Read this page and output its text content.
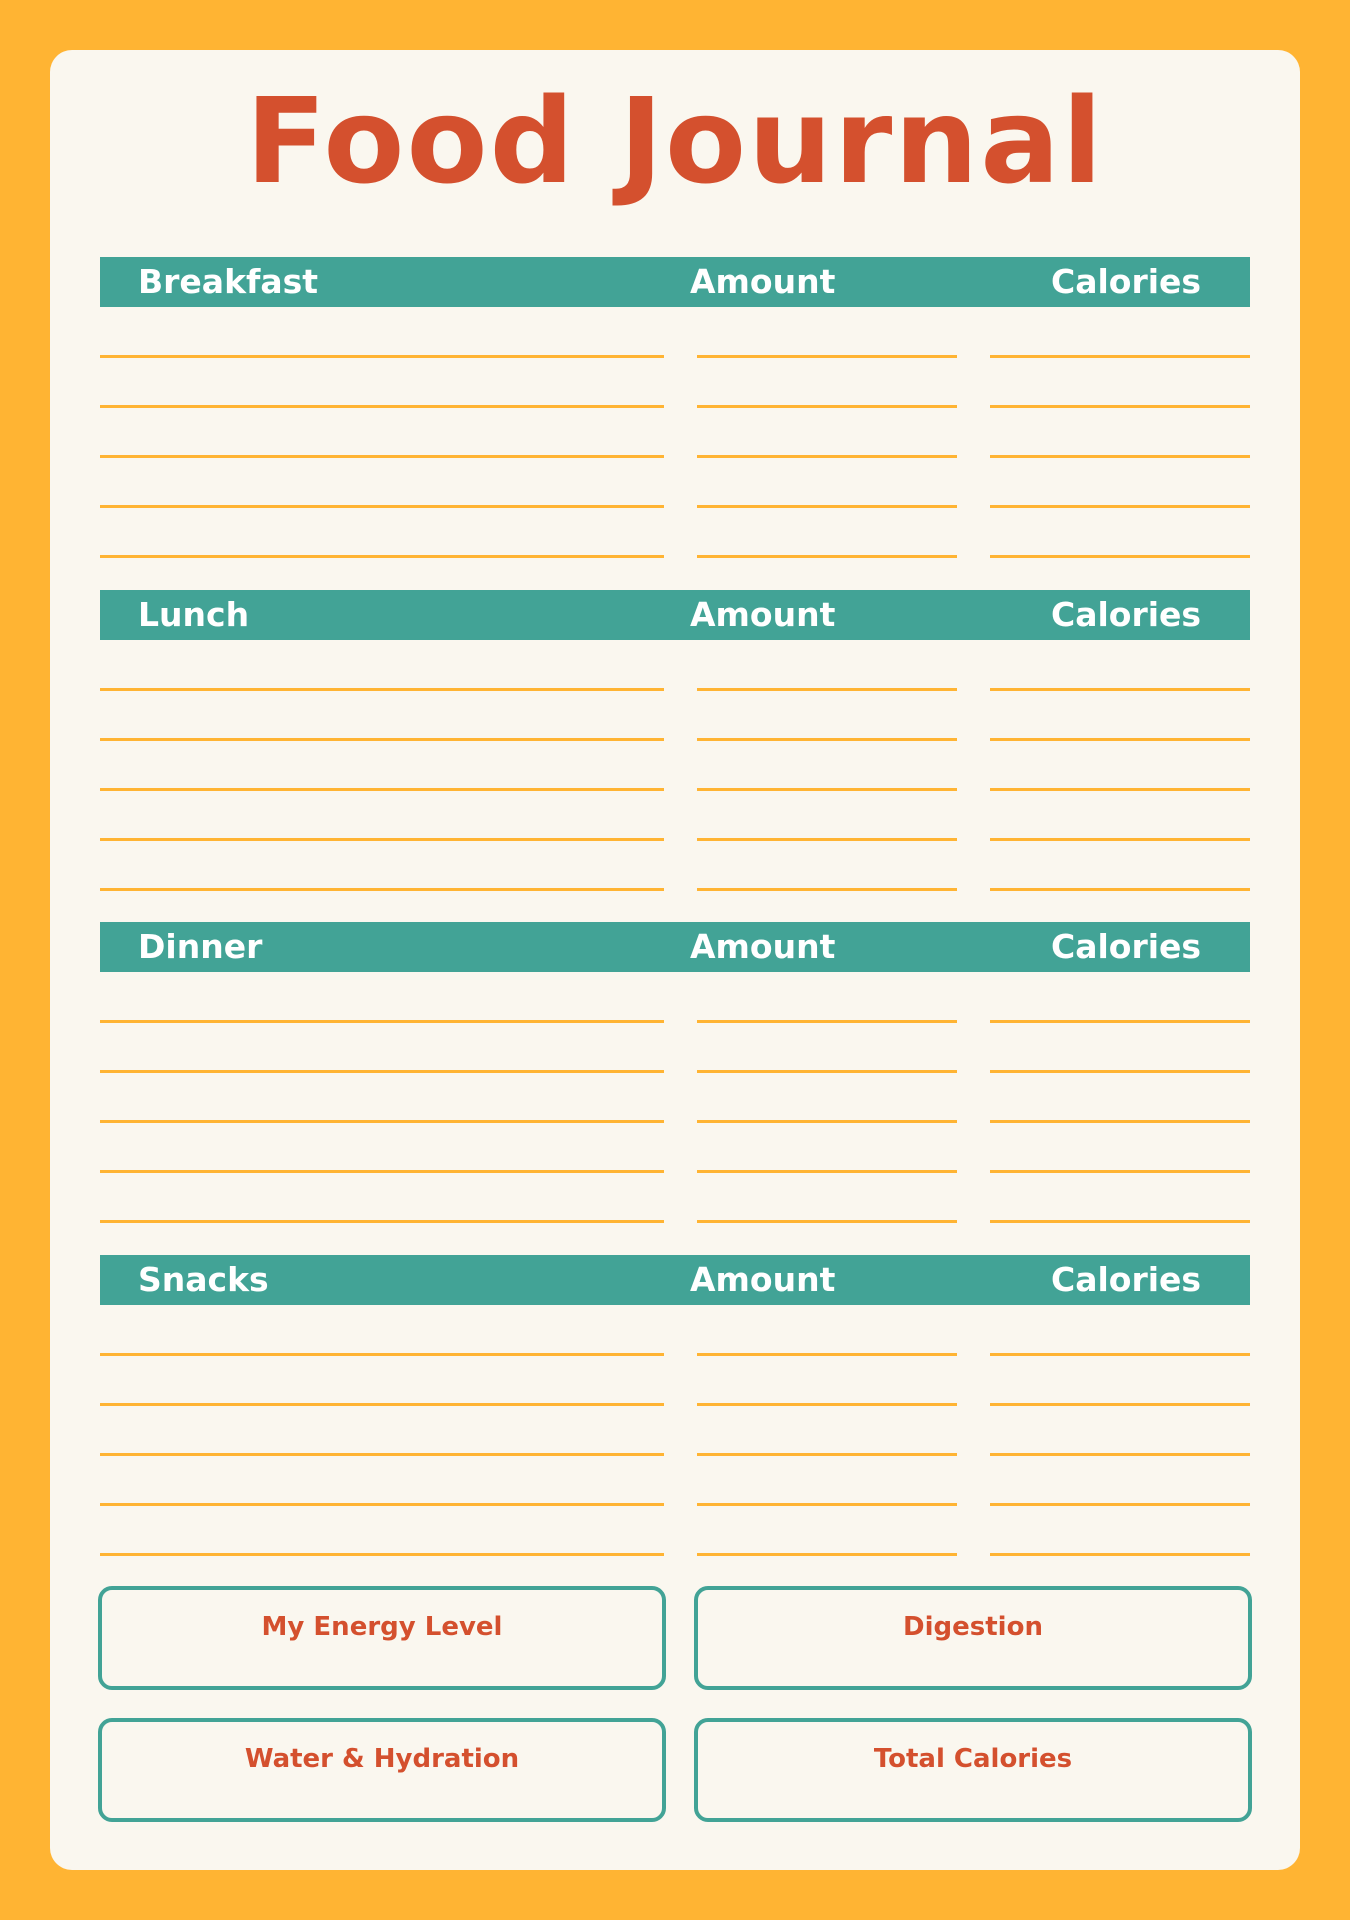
Food Journal
Breakfast	Amount	Calories
Lunch	Amount	Calories
Dinner	Amount	Calories
Snacks	Amount	Calories
My Energy Level	Digestion
Water & Hydration	Total Calories
